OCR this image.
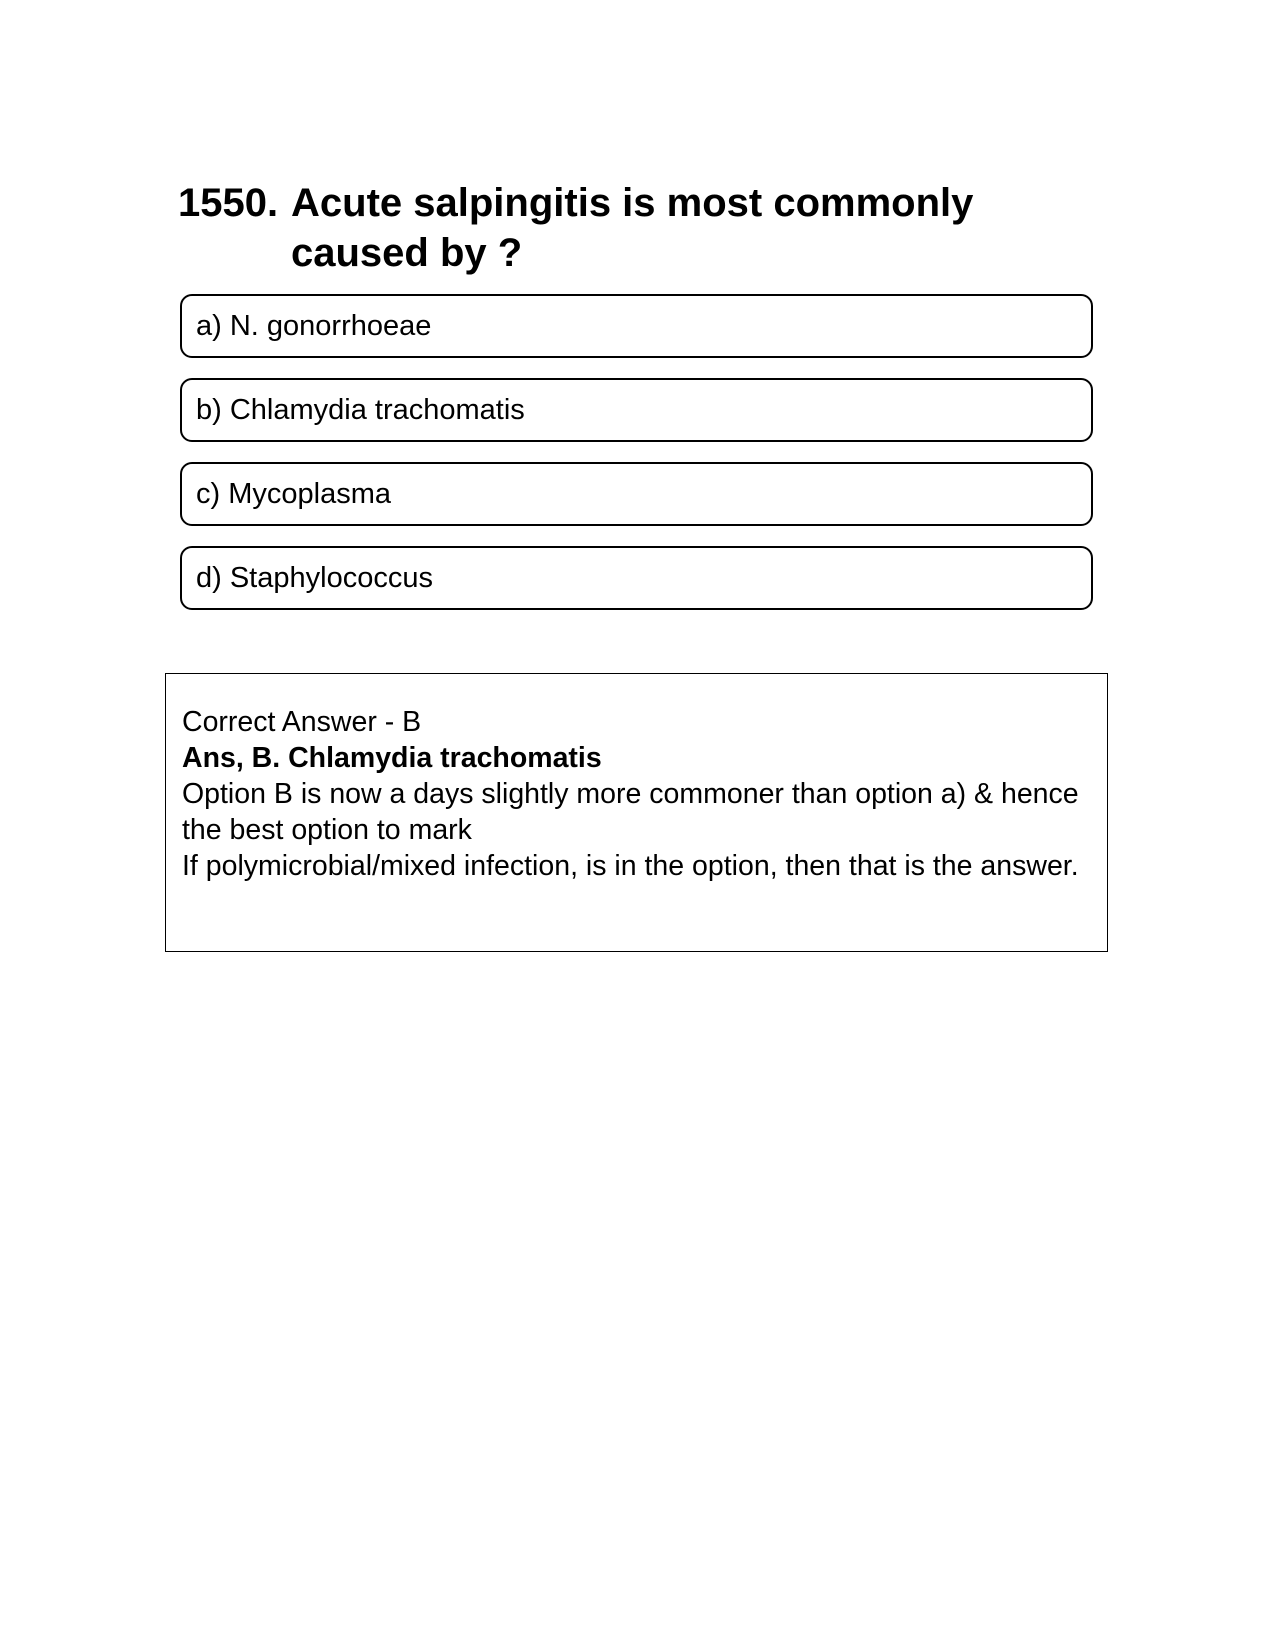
1550. Acute salpingitis is most commonly caused by ?
a) N. gonorrhoeae
b) Chlamydia trachomatis
c) Mycoplasma
d) Staphylococcus
Correct Answer - B
Ans, B. Chlamydia trachomatis
Option B is now a days slightly more commoner than option a) & hence the best option to mark
If polymicrobial/mixed infection, is in the option, then that is the answer.
